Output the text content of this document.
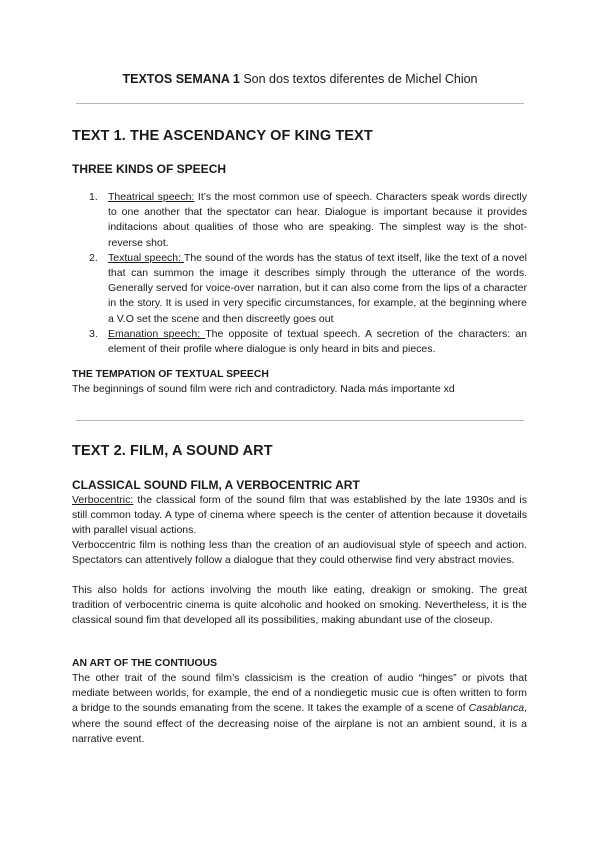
TEXTOS SEMANA 1 Son dos textos diferentes de Michel Chion
TEXT 1. THE ASCENDANCY OF KING TEXT
THREE KINDS OF SPEECH
1. Theatrical speech: It’s the most common use of speech. Characters speak words directly to one another that the spectator can hear. Dialogue is important because it provides inditacions about qualities of those who are speaking. The simplest way is the shot-reverse shot.
2. Textual speech: The sound of the words has the status of text itself, like the text of a novel that can summon the image it describes simply through the utterance of the words. Generally served for voice-over narration, but it can also come from the lips of a character in the story. It is used in very specific circumstances, for example, at the beginning where a V.O set the scene and then discreetly goes out
3. Emanation speech: The opposite of textual speech. A secretion of the characters: an element of their profile where dialogue is only heard in bits and pieces.
THE TEMPATION OF TEXTUAL SPEECH
The beginnings of sound film were rich and contradictory. Nada más importante xd
TEXT 2. FILM, A SOUND ART
CLASSICAL SOUND FILM, A VERBOCENTRIC ART
Verbocentric: the classical form of the sound film that was established by the late 1930s and is still common today. A type of cinema where speech is the center of attention because it dovetails with parallel visual actions.
Verboccentric film is nothing less than the creation of an audiovisual style of speech and action. Spectators can attentively follow a dialogue that they could otherwise find very abstract movies.
This also holds for actions involving the mouth like eating, dreakign or smoking. The great tradition of verbocentric cinema is quite alcoholic and hooked on smoking. Nevertheless, it is the classical sound fim that developed all its possibilities, making abundant use of the closeup.
AN ART OF THE CONTIUOUS
The other trait of the sound film’s classicism is the creation of audio “hinges” or pivots that mediate between worlds, for example, the end of a nondiegetic music cue is often written to form a bridge to the sounds emanating from the scene. It takes the example of a scene of Casablanca, where the sound effect of the decreasing noise of the airplane is not an ambient sound, it is a narrative event.
